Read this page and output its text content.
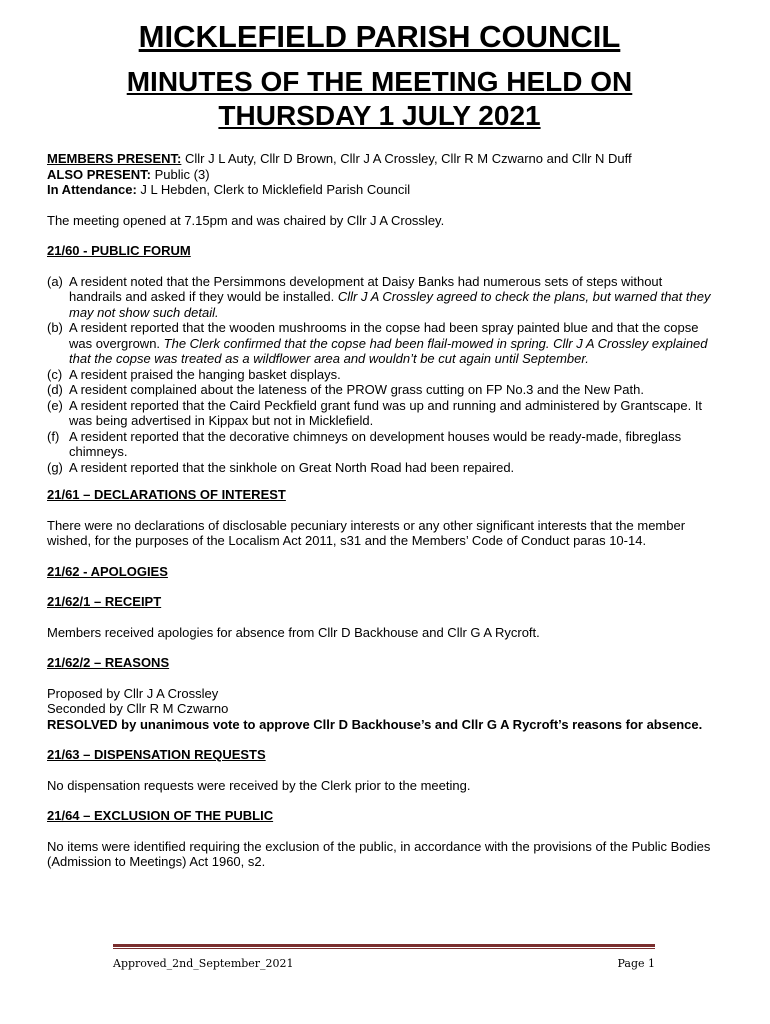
MICKLEFIELD PARISH COUNCIL
MINUTES OF THE MEETING HELD ON
THURSDAY 1 JULY 2021

MEMBERS PRESENT: Cllr J L Auty, Cllr D Brown, Cllr J A Crossley, Cllr R M Czwarno and Cllr N Duff

ALSO PRESENT: Public (3)

In Attendance: J L Hebden, Clerk to Micklefield Parish Council

The meeting opened at 7.15pm and was chaired by Cllr J A Crossley.

21/60 - PUBLIC FORUM

(a) A resident noted that the Persimmons development at Daisy Banks had numerous sets of steps without handrails and asked if they would be installed. Cllr J A Crossley agreed to check the plans, but warned that they may not show such detail.
(b) A resident reported that the wooden mushrooms in the copse had been spray painted blue and that the copse was overgrown. The Clerk confirmed that the copse had been flail-mowed in spring. Cllr J A Crossley explained that the copse was treated as a wildflower area and wouldn’t be cut again until September.
(c) A resident praised the hanging basket displays.
(d) A resident complained about the lateness of the PROW grass cutting on FP No.3 and the New Path.
(e) A resident reported that the Caird Peckfield grant fund was up and running and administered by Grantscape. It was being advertised in Kippax but not in Micklefield.
(f) A resident reported that the decorative chimneys on development houses would be ready-made, fibreglass chimneys.
(g) A resident reported that the sinkhole on Great North Road had been repaired.

21/61 – DECLARATIONS OF INTEREST

There were no declarations of disclosable pecuniary interests or any other significant interests that the member wished, for the purposes of the Localism Act 2011, s31 and the Members’ Code of Conduct paras 10-14.

21/62 - APOLOGIES

21/62/1 – RECEIPT

Members received apologies for absence from Cllr D Backhouse and Cllr G A Rycroft.

21/62/2 – REASONS

Proposed by Cllr J A Crossley

Seconded by Cllr R M Czwarno

RESOLVED by unanimous vote to approve Cllr D Backhouse’s and Cllr G A Rycroft’s reasons for absence.

21/63 – DISPENSATION REQUESTS

No dispensation requests were received by the Clerk prior to the meeting.

21/64 – EXCLUSION OF THE PUBLIC

No items were identified requiring the exclusion of the public, in accordance with the provisions of the Public Bodies (Admission to Meetings) Act 1960, s2.

Approved_2nd_September_2021	Page 1
